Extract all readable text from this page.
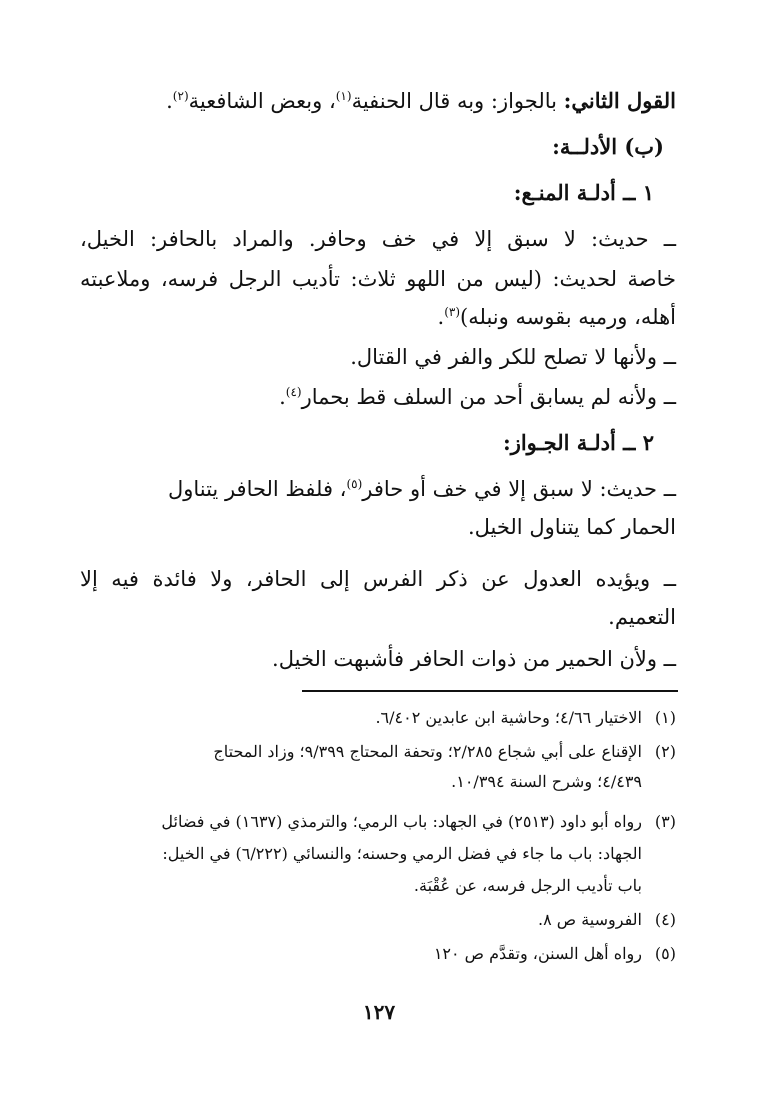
القول الثاني: بالجواز: وبه قال الحنفية$^{(١)}$، وبعض الشافعية$^{(٢)}$.
(ب) الأدلــة:
١ ــ أدلـة المنـع:
ــ حديث: لا سبق إلا في خف وحافر. والمراد بالحافر: الخيل،
خاصة لحديث: (ليس من اللهو ثلاث: تأديب الرجل فرسه، وملاعبته
أهله، ورميه بقوسه ونبله)$^{(٣)}$.
ــ ولأنها لا تصلح للكر والفر في القتال.
ــ ولأنه لم يسابق أحد من السلف قط بحمار$^{(٤)}$.
٢ ــ أدلـة الجـواز:
ــ حديث: لا سبق إلا في خف أو حافر$^{(٥)}$، فلفظ الحافر يتناول
الحمار كما يتناول الخيل.
ــ ويؤيده العدول عن ذكر الفرس إلى الحافر، ولا فائدة فيه إلا
التعميم.
ــ ولأن الحمير من ذوات الحافر فأشبهت الخيل.
(١)الاختيار ٤/٦٦؛ وحاشية ابن عابدين ٦/٤٠٢.
(٢)الإقناع على أبي شجاع ٢/٢٨٥؛ وتحفة المحتاج ٩/٣٩٩؛ وزاد المحتاج
٤/٤٣٩؛ وشرح السنة ١٠/٣٩٤.
(٣)رواه أبو داود (٢٥١٣) في الجهاد: باب الرمي؛ والترمذي (١٦٣٧) في فضائل
الجهاد: باب ما جاء في فضل الرمي وحسنه؛ والنسائي (٦/٢٢٢) في الخيل:
باب تأديب الرجل فرسه، عن عُقْبَة.
(٤)الفروسية ص ٨.
(٥)رواه أهل السنن، وتقدَّم ص ١٢٠
١٢٧
